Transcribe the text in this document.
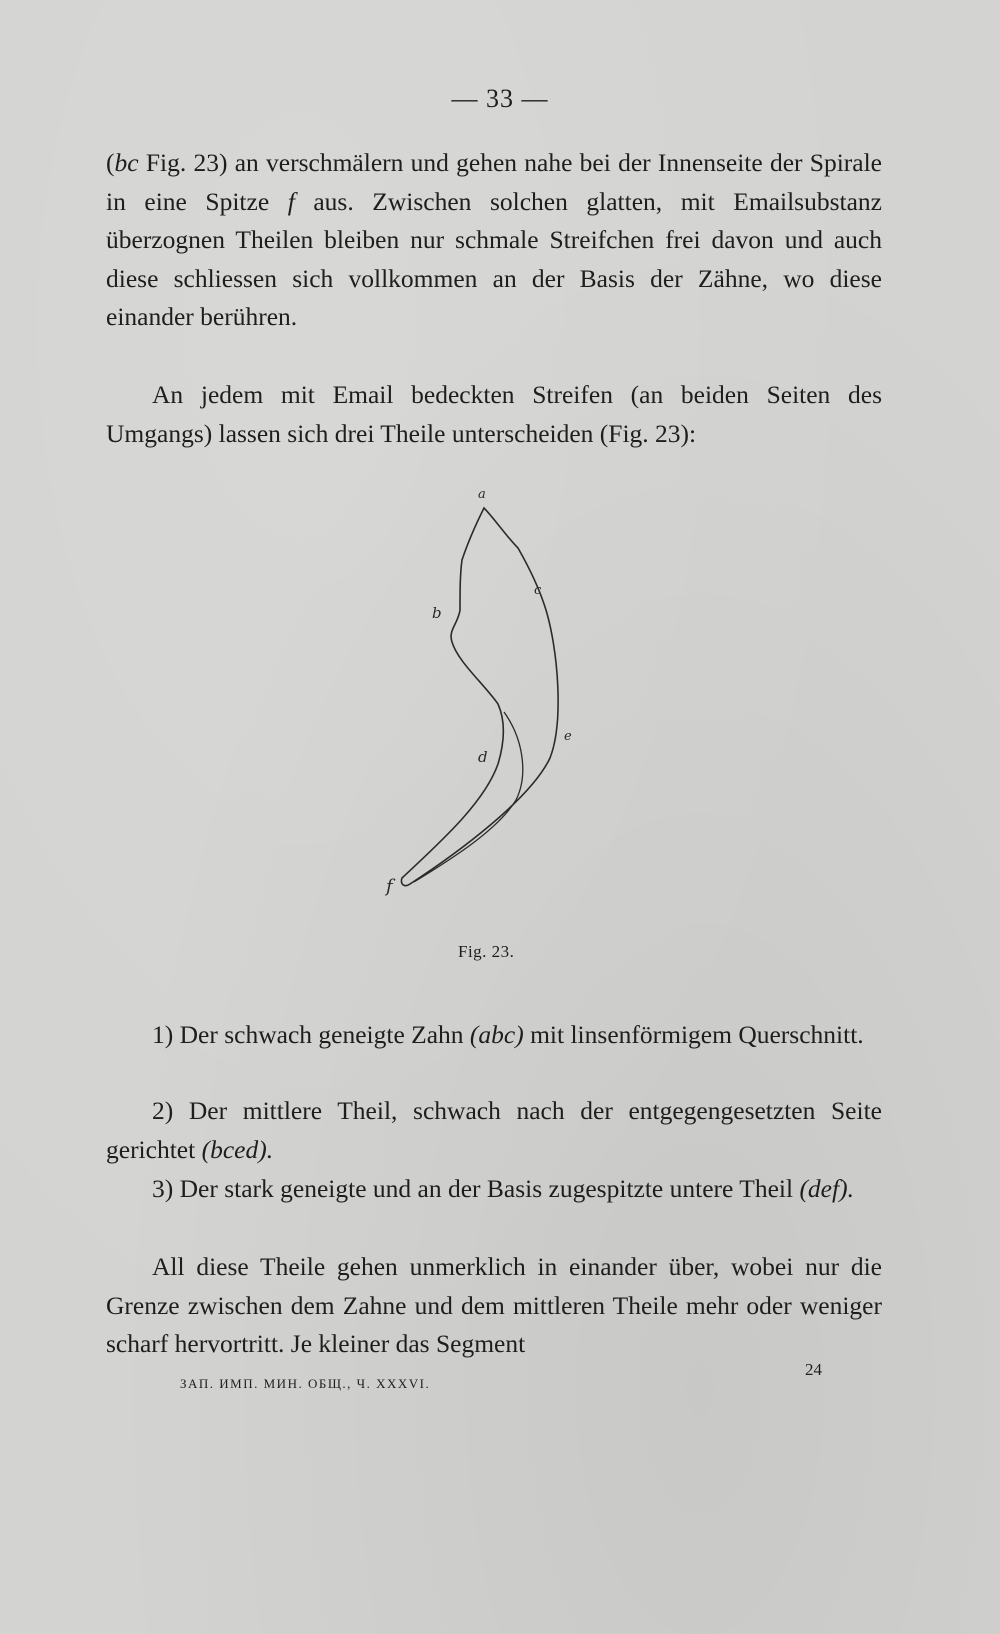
— 33 —

(bc Fig. 23) an verschmälern und gehen nahe bei der Innenseite der Spirale in eine Spitze f aus. Zwischen solchen glatten, mit Emailsubstanz überzognen Theilen bleiben nur schmale Streifchen frei davon und auch diese schliessen sich vollkommen an der Basis der Zähne, wo diese einander berühren.

An jedem mit Email bedeckten Streifen (an beiden Seiten des Umgangs) lassen sich drei Theile unterscheiden (Fig. 23):

a
b
c
d
e
f
Fig. 23.

1) Der schwach geneigte Zahn (abc) mit linsenförmigem Querschnitt.

2) Der mittlere Theil, schwach nach der entgegengesetzten Seite gerichtet (bced).

3) Der stark geneigte und an der Basis zugespitzte untere Theil (def).

All diese Theile gehen unmerklich in einander über, wobei nur die Grenze zwischen dem Zahne und dem mittleren Theile mehr oder weniger scharf hervortritt. Je kleiner das Segment

ЗАП. ИМП. МИН. ОБЩ., Ч. XXXVI.
24
